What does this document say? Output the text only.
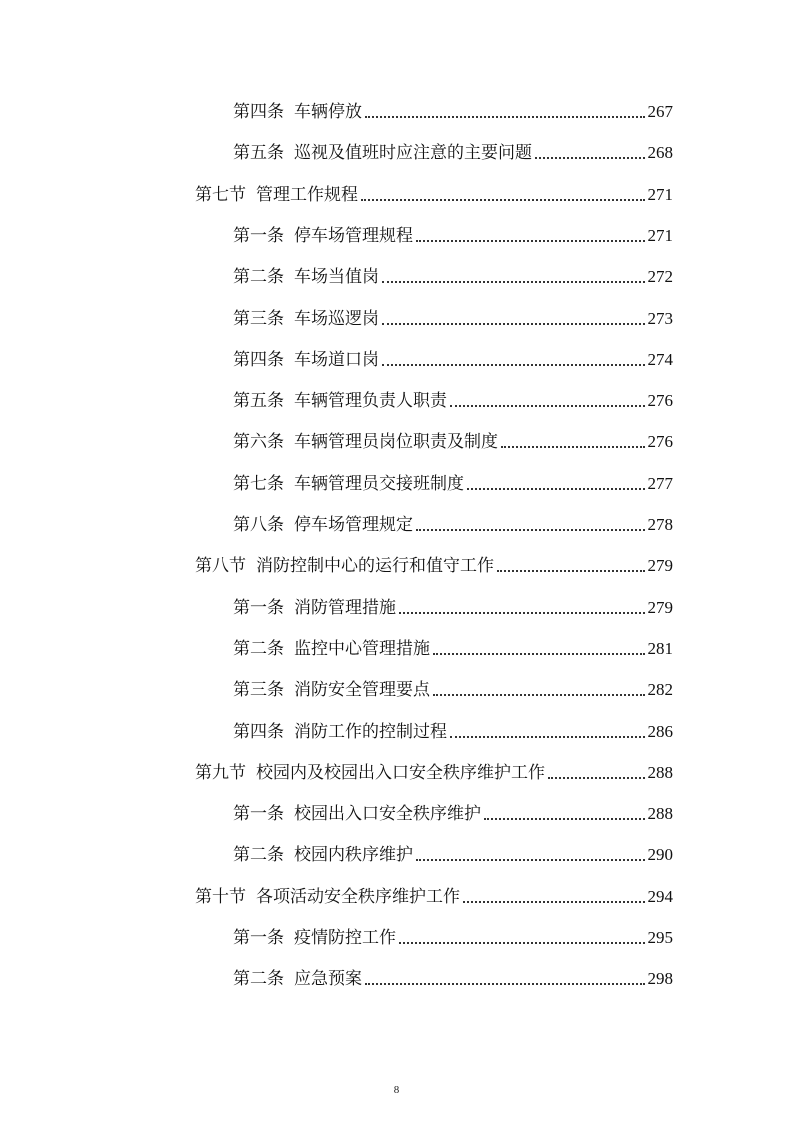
第四条 车辆停放	267
第五条 巡视及值班时应注意的主要问题	268
第七节 管理工作规程	271
第一条 停车场管理规程	271
第二条 车场当值岗	272
第三条 车场巡逻岗	273
第四条 车场道口岗	274
第五条 车辆管理负责人职责	276
第六条 车辆管理员岗位职责及制度	276
第七条 车辆管理员交接班制度	277
第八条 停车场管理规定	278
第八节 消防控制中心的运行和值守工作	279
第一条 消防管理措施	279
第二条 监控中心管理措施	281
第三条 消防安全管理要点	282
第四条 消防工作的控制过程	286
第九节 校园内及校园出入口安全秩序维护工作	288
第一条 校园出入口安全秩序维护	288
第二条 校园内秩序维护	290
第十节 各项活动安全秩序维护工作	294
第一条 疫情防控工作	295
第二条 应急预案	298
8
